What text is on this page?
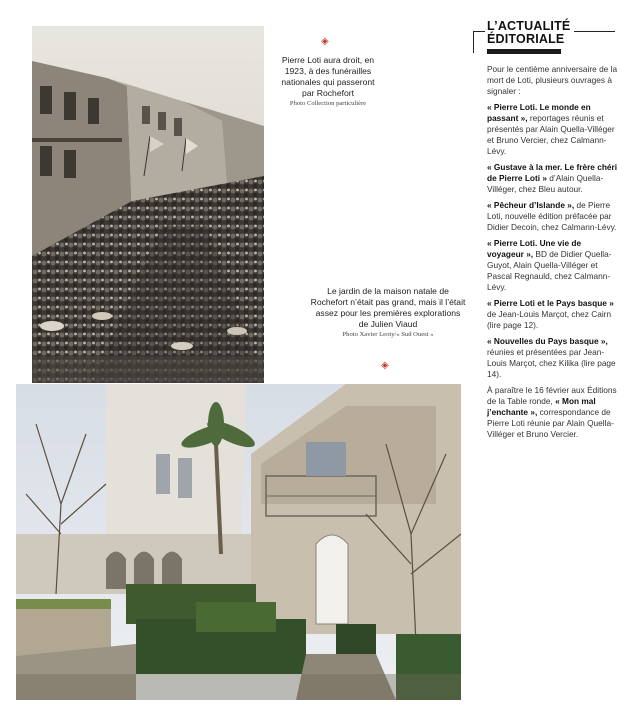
◈
Pierre Loti aura droit, en 1923, à des funérailles nationales qui passeront par Rochefort
Photo Collection particulière
Le jardin de la maison natale de Rochefort n’était pas grand, mais il l’était assez pour les premières explorations de Julien Viaud
Photo Xavier Leoty/« Sud Ouest »
◈
L’ACTUALITÉ
ÉDITORIALE

Pour le centième anniversaire de la mort de Loti, plusieurs ouvrages à signaler :

« Pierre Loti. Le monde en passant », reportages réunis et présentés par Alain Quella-Villéger et Bruno Vercier, chez Calmann-Lévy.

« Gustave à la mer. Le frère chéri de Pierre Loti » d’Alain Quella-Villéger, chez Bleu autour.

« Pêcheur d’Islande », de Pierre Loti, nouvelle édition préfacée par Didier Decoin, chez Calmann-Lévy.

« Pierre Loti. Une vie de voyageur », BD de Didier Quella-Guyot, Alain Quella-Villéger et Pascal Regnauld, chez Calmann-Lévy.

« Pierre Loti et le Pays basque » de Jean-Louis Marçot, chez Cairn (lire page 12).

« Nouvelles du Pays basque », réunies et présentées par Jean-Louis Marçot, chez Kilika (lire page 14).

À paraître le 16 février aux Éditions de la Table ronde, « Mon mal j’enchante », correspondance de Pierre Loti réunie par Alain Quella-Villéger et Bruno Vercier.
